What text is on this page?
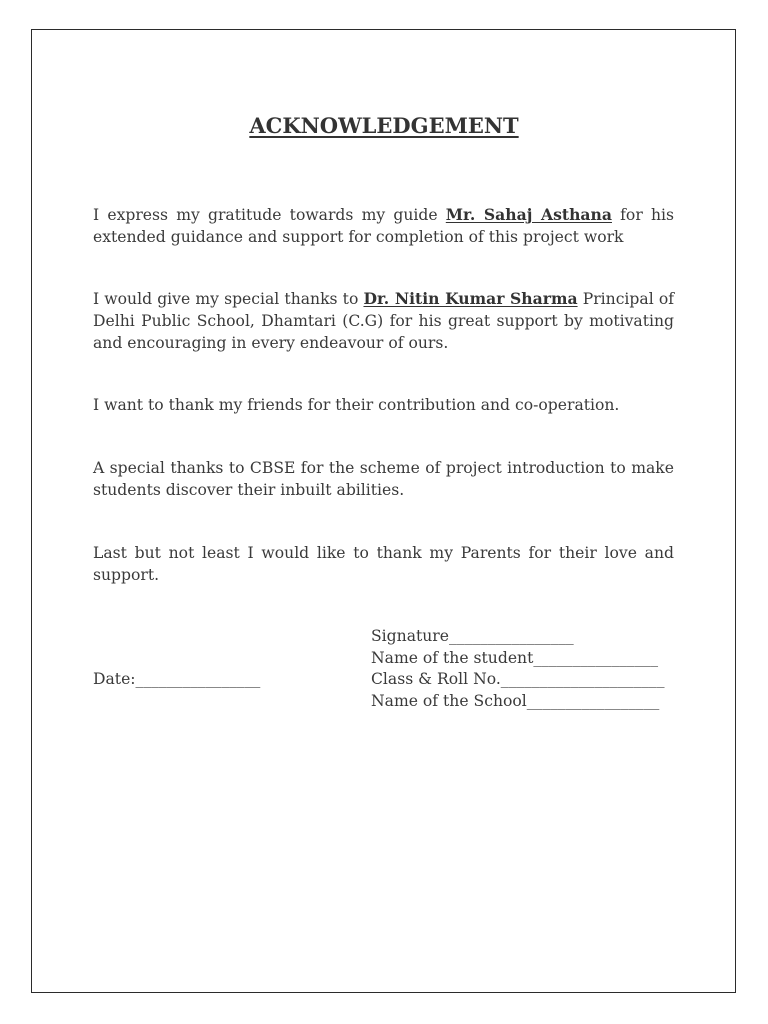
ACKNOWLEDGEMENT

I express my gratitude towards my guide Mr. Sahaj Asthana for his extended guidance and support for completion of this project work

I would give my special thanks to Dr. Nitin Kumar Sharma Principal of Delhi Public School, Dhamtari (C.G) for his great support by motivating and encouraging in every endeavour of ours.

I want to thank my friends for their contribution and co-operation.

A special thanks to CBSE for the scheme of project introduction to make students discover their inbuilt abilities.

Last but not least I would like to thank my Parents for their love and support.

Signature________________
Name of the student________________
Class & Roll No._____________________
Name of the School_________________
Date:________________
